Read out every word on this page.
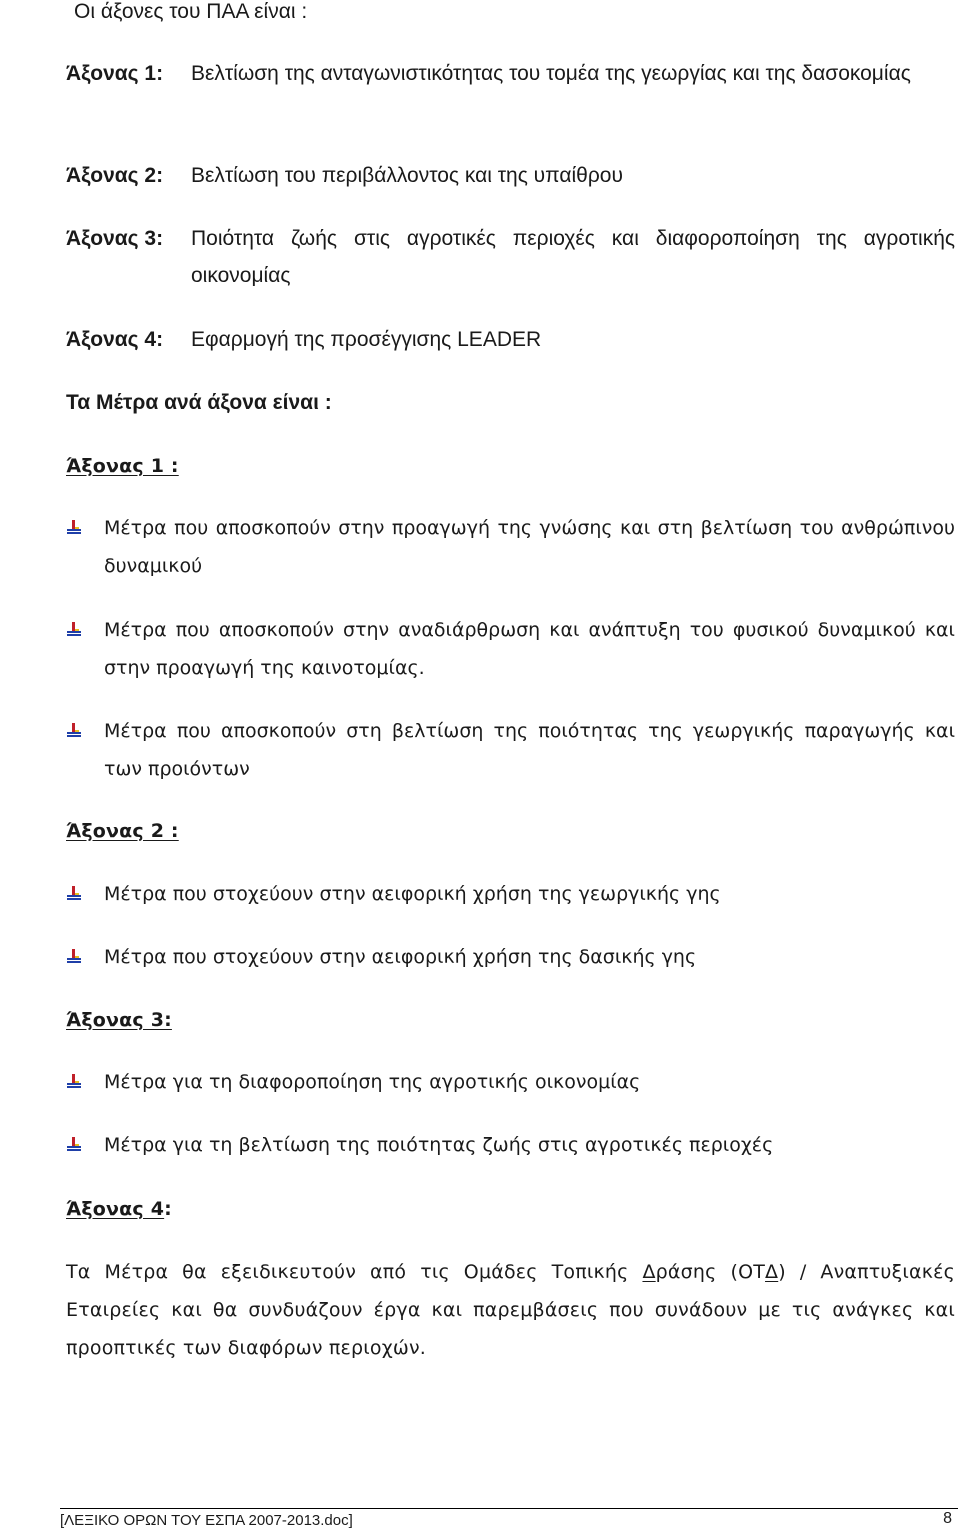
Οι άξονες του ΠΑΑ είναι :
Άξονας 1: Βελτίωση της ανταγωνιστικότητας του τομέα της γεωργίας και της δασοκομίας
Άξονας 2: Βελτίωση του περιβάλλοντος και της υπαίθρου
Άξονας 3: Ποιότητα ζωής στις αγροτικές περιοχές και διαφοροποίηση της αγροτικής οικονομίας
Άξονας 4: Εφαρμογή της προσέγγισης LEADER
Τα Μέτρα ανά άξονα είναι :
Άξονας 1 :
Μέτρα που αποσκοπούν στην προαγωγή της γνώσης και στη βελτίωση του ανθρώπινου δυναμικού
Μέτρα που αποσκοπούν στην αναδιάρθρωση και ανάπτυξη του φυσικού δυναμικού και στην προαγωγή της καινοτομίας.
Μέτρα που αποσκοπούν στη βελτίωση της ποιότητας της γεωργικής παραγωγής και των προιόντων
Άξονας 2 :
Μέτρα που στοχεύουν στην αειφορική χρήση της γεωργικής γης
Μέτρα που στοχεύουν στην αειφορική χρήση της δασικής γης
Άξονας 3:
Μέτρα για τη διαφοροποίηση της αγροτικής οικονομίας
Μέτρα για τη βελτίωση της ποιότητας ζωής στις αγροτικές περιοχές
Άξονας 4:
Τα Μέτρα θα εξειδικευτούν από τις Ομάδες Τοπικής Δράσης (ΟΤΔ) / Αναπτυξιακές Εταιρείες και θα συνδυάζουν έργα και παρεμβάσεις που συνάδουν με τις ανάγκες και προοπτικές των διαφόρων περιοχών.
[ΛΕΞΙΚΟ ΟΡΩΝ ΤΟΥ ΕΣΠΑ 2007-2013.doc]	8
